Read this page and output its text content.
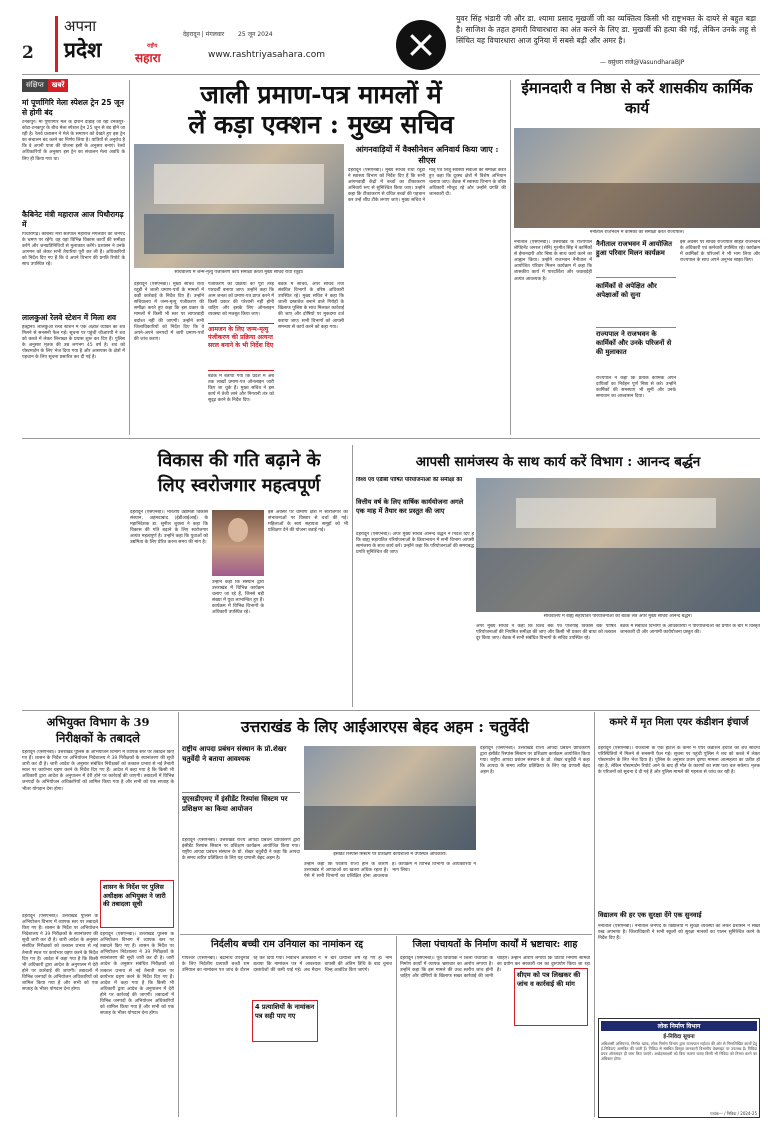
2
अपना
प्रदेश
देहरादून | मंगलवार 25 जून 2024
राष्ट्रीय
सहारा	www.rashtriyasahara.com
युवर सिंह भंडारी जी और डा. श्यामा प्रसाद मुखर्जी जी का व्यक्तित्व किसी भी राष्ट्रभक्त के दायरे से बहुत बड़ा है। साजिश के तहत हमारी विचारधारा का अंत करने के लिए डा. मुखर्जी की हत्या की गई, लेकिन उनके लहू से सिंचित यह विचारधारा आज दुनिया में सबसे बड़ी और अमर है।
— वसुंधरा राजे@VasundharaBJP
संक्षिप्त	खबरें
मां पूर्णागिरि मेला स्पेशल ट्रेन 25 जून से होगी बंद
टनकपुर। मां पूर्णागिरि मेले के दौरान दौड़ाई जा रही टनकपुर-कोटा-टनकपुर के बीच मेला स्पेशल ट्रेन 25 जून से बंद होने जा रही है। रेलवे प्रशासन ने मेले के समापन को देखते हुए इस ट्रेन का संचालन बंद करने का निर्णय लिया है। यात्रियों से अनुरोध है कि वे अपनी यात्रा की योजना इसी के अनुसार बनाएं। रेलवे अधिकारियों के अनुसार इस ट्रेन का संचालन मेला अवधि के लिए ही किया गया था।
कैबिनेट मंत्री महाराज आज पिथौरागढ़ में
पिथौरागढ़। कैबिनेट मंत्री सतपाल महाराज मंगलवार को जनपद के भ्रमण पर रहेंगे। वह यहां विभिन्न विकास कार्यों की समीक्षा करेंगे और जनप्रतिनिधियों से मुलाकात करेंगे। प्रशासन ने उनके आगमन को लेकर सभी तैयारियां पूरी कर ली हैं। अधिकारियों को निर्देश दिए गए हैं कि वे अपने विभाग की प्रगति रिपोर्ट के साथ उपस्थित रहें।
लालकुआं रेलवे स्टेशन में मिला शव
हल्द्वानी। लालकुआं रेलवे स्टेशन में एक अज्ञात व्यक्ति का शव मिलने से सनसनी फैल गई। सूचना पर पहुंची जीआरपी ने शव को कब्जे में लेकर शिनाख्त के प्रयास शुरू कर दिए हैं। पुलिस के अनुसार मृतक की उम्र लगभग 45 वर्ष है। शव को पोस्टमार्टम के लिए भेज दिया गया है और आसपास के क्षेत्रों में पहचान के लिए सूचना प्रसारित कर दी गई है।
जाली प्रमाण-पत्र मामलों में
लें कड़ा एक्शन : मुख्य सचिव
सचिवालय में जन्म-मृत्यु पंजीकरण कार्य समीक्षा करती मुख्य सचिव राधा रतूड़ी।
देहरादून (एसएनबी)। मुख्य सचिव राधा रतूड़ी ने जाली प्रमाण-पत्रों के मामलों में कड़ी कार्रवाई के निर्देश दिए हैं। उन्होंने सचिवालय में जन्म-मृत्यु पंजीकरण की समीक्षा करते हुए कहा कि इस प्रकार के मामलों में किसी भी स्तर पर लापरवाही बर्दाश्त नहीं की जाएगी। उन्होंने सभी जिलाधिकारियों को निर्देश दिए कि वे अपने-अपने जनपदों में जारी प्रमाण-पत्रों की जांच कराएं।
पंजीकरण की प्रक्रिया को पूरी तरह पारदर्शी बनाया जाए। उन्होंने कहा कि आम जनता को प्रमाण-पत्र प्राप्त करने में किसी प्रकार की परेशानी नहीं होनी चाहिए और इसके लिए ऑनलाइन व्यवस्था को मजबूत किया जाए।
आमजन के लिए जन्म-मृत्यु पंजीकरण की प्रक्रिया अत्यन्त सरल बनाने के भी निर्देश दिए
बैठक में बताया गया कि प्रदेश में अब तक लाखों प्रमाण-पत्र ऑनलाइन जारी किए जा चुके हैं। मुख्य सचिव ने इस कार्य में तेजी लाने और निगरानी तंत्र को सुदृढ़ करने के निर्देश दिए।
बैठक में सचिव, अपर सचिव तथा संबंधित विभागों के वरिष्ठ अधिकारी उपस्थित रहे। मुख्य सचिव ने कहा कि जाली दस्तावेज बनाने वाले गिरोहों के खिलाफ पुलिस के साथ मिलकर कार्रवाई की जाए और दोषियों पर मुकदमा दर्ज कराया जाए। सभी विभागों को आपसी समन्वय से कार्य करने को कहा गया।
आंगनवाड़ियों में वैक्सीनेशन अनिवार्य किया जाए : सीएस
देहरादून (एसएनबी)। मुख्य सचिव राधा रतूड़ी ने स्वास्थ्य विभाग को निर्देश दिए हैं कि सभी आंगनवाड़ी केंद्रों में बच्चों का टीकाकरण अनिवार्य रूप से सुनिश्चित किया जाए। उन्होंने कहा कि टीकाकरण से वंचित बच्चों की पहचान कर उन्हें शीघ्र टीके लगाए जाएं। मुख्य सचिव ने मातृ एवं शिशु स्वास्थ्य सेवाओं की समीक्षा करते हुए कहा कि दूरस्थ क्षेत्रों में विशेष अभियान चलाया जाए। बैठक में स्वास्थ्य विभाग के वरिष्ठ अधिकारी मौजूद रहे और उन्होंने प्रगति की जानकारी दी।
ईमानदारी व निष्ठा से करें शासकीय कार्मिक कार्य
नैनीताल राजभवन में कर्मिकों की समीक्षा करते राज्यपाल।
नैनीताल (एसएनबी)। उत्तराखंड के राज्यपाल लेफ्टिनेंट जनरल (सेनि) गुरमीत सिंह ने कार्मिकों से ईमानदारी और निष्ठा के साथ कार्य करने का आह्वान किया। उन्होंने राजभवन नैनीताल में आयोजित परिवार मिलन कार्यक्रम में कहा कि शासकीय कार्य में पारदर्शिता और जवाबदेही अत्यंत आवश्यक है।
नैनीताल राजभवन में आयोजित हुआ परिवार मिलन कार्यक्रम
कार्मिकों से अपेक्षित और अपेक्षाओं को सुना
राज्यपाल ने राजभवन के कार्मिकों और उनके परिजनों से की मुलाकात
राज्यपाल ने कहा कि प्रत्येक कार्मिक अपने दायित्वों का निर्वहन पूर्ण निष्ठा से करे। उन्होंने कार्मिकों की समस्याएं भी सुनीं और उनके समाधान का आश्वासन दिया।
इस अवसर पर सचिव राज्यपाल सहित राजभवन के अधिकारी एवं कर्मचारी उपस्थित रहे। कार्यक्रम में कार्मिकों के परिजनों ने भी भाग लिया और राज्यपाल के साथ अपने अनुभव साझा किए।
विकास की गति बढ़ाने के
लिए स्वरोजगार महत्वपूर्ण
देहरादून (एसएनबी)। भारतीय उद्यमिता विकास संस्थान, अहमदाबाद (ईडीआईआई) के महानिदेशक डा. सुनील शुक्ला ने कहा कि विकास की गति बढ़ाने के लिए स्वरोजगार अत्यंत महत्वपूर्ण है। उन्होंने कहा कि युवाओं को उद्यमिता के लिए प्रेरित करना समय की मांग है।
उन्होंने कहा कि संस्थान द्वारा उत्तराखंड में विभिन्न कार्यक्रम चलाए जा रहे हैं, जिनसे बड़ी संख्या में युवा लाभान्वित हुए हैं। कार्यक्रम में विभिन्न विभागों के अधिकारी उपस्थित रहे।
इस अवसर पर ग्रामीण क्षेत्रों में स्वरोजगार की संभावनाओं पर विस्तार से चर्चा की गई। महिलाओं के स्वयं सहायता समूहों को भी प्रशिक्षण देने की योजना बताई गई।
आपसी सामंजस्य के साथ कार्य करें विभाग : आनन्द बर्द्धन
विश्व एवं एडीबी पोषित परियोजनाओं की समीक्षा की
वित्तीय वर्ष के लिए वार्षिक कार्ययोजना अगले एक माह में तैयार कर प्रस्तुत की जाए
सचिवालय में बाह्य सहायतित परियोजनाओं की बैठक लेते अपर मुख्य सचिव आनन्द बर्द्धन।
देहरादून (एसएनबी)। अपर मुख्य सचिव आनन्द बर्द्धन ने निर्देश दिए हैं कि बाह्य सहायतित परियोजनाओं के क्रियान्वयन में सभी विभाग आपसी सामंजस्य के साथ कार्य करें। उन्होंने कहा कि परियोजनाओं की समयबद्ध प्रगति सुनिश्चित की जाए।
अपर मुख्य सचिव ने कहा कि विश्व बैंक एवं एशियाई विकास बैंक पोषित परियोजनाओं की नियमित समीक्षा की जाए और किसी भी प्रकार की बाधा को तत्काल दूर किया जाए। बैठक में सभी संबंधित विभागों के सचिव उपस्थित रहे।
बैठक में संबंधित विभागों के अधिकारियों ने परियोजनाओं की प्रगति के बारे में विस्तृत जानकारी दी और आगामी कार्ययोजना प्रस्तुत की।
अभियुक्त विभाग के 39
निरीक्षकों के तबादले
देहरादून (एसएनबी)। उत्तराखंड पुलिस के अभियोजन विभाग में व्यापक स्तर पर तबादले किए गए हैं। शासन के निर्देश पर अभियोजन निदेशालय ने 39 निरीक्षकों के स्थानांतरण की सूची जारी कर दी है। जारी आदेश के अनुसार संबंधित निरीक्षकों को तत्काल प्रभाव से नई तैनाती स्थल पर कार्यभार ग्रहण करने के निर्देश दिए गए हैं। आदेश में कहा गया है कि किसी भी अधिकारी द्वारा आदेश के अनुपालन में देरी होने पर कार्रवाई की जाएगी। तबादलों में विभिन्न जनपदों के अभियोजन अधिकारियों को शामिल किया गया है और सभी को एक सप्ताह के भीतर योगदान देना होगा।
शासन के निर्देश पर पुलिस अधीक्षक अभियुक्त ने जारी की तबादला सूची
देहरादून (एसएनबी)। उत्तराखंड पुलिस के अभियोजन विभाग में व्यापक स्तर पर तबादले किए गए हैं। शासन के निर्देश पर अभियोजन निदेशालय ने 39 निरीक्षकों के स्थानांतरण की सूची जारी कर दी है। जारी आदेश के अनुसार संबंधित निरीक्षकों को तत्काल प्रभाव से नई तैनाती स्थल पर कार्यभार ग्रहण करने के निर्देश दिए गए हैं। आदेश में कहा गया है कि किसी भी अधिकारी द्वारा आदेश के अनुपालन में देरी होने पर कार्रवाई की जाएगी। तबादलों में विभिन्न जनपदों के अभियोजन अधिकारियों को शामिल किया गया है और सभी को एक सप्ताह के भीतर योगदान देना होगा।
देहरादून (एसएनबी)। उत्तराखंड पुलिस के अभियोजन विभाग में व्यापक स्तर पर तबादले किए गए हैं। शासन के निर्देश पर अभियोजन निदेशालय ने 39 निरीक्षकों के स्थानांतरण की सूची जारी कर दी है। जारी आदेश के अनुसार संबंधित निरीक्षकों को तत्काल प्रभाव से नई तैनाती स्थल पर कार्यभार ग्रहण करने के निर्देश दिए गए हैं। आदेश में कहा गया है कि किसी भी अधिकारी द्वारा आदेश के अनुपालन में देरी होने पर कार्रवाई की जाएगी। तबादलों में विभिन्न जनपदों के अभियोजन अधिकारियों को शामिल किया गया है और सभी को एक सप्ताह के भीतर योगदान देना होगा।
उत्तराखंड के लिए आईआरएस बेहद अहम : चतुर्वेदी
राष्ट्रीय आपदा प्रबंधन संस्थान के प्रो.शेखर चतुर्वेदी ने बताया आवश्यक
यूएसडीएमए में इंसीडेंट रिस्पांस सिस्टम पर प्रशिक्षण का किया आयोजन
देहरादून (एसएनबी)। उत्तराखंड राज्य आपदा प्रबंधन प्राधिकरण द्वारा इंसीडेंट रिस्पांस सिस्टम पर प्रशिक्षण कार्यक्रम आयोजित किया गया। राष्ट्रीय आपदा प्रबंधन संस्थान के प्रो. शेखर चतुर्वेदी ने कहा कि आपदा के समय त्वरित प्रतिक्रिया के लिए यह प्रणाली बेहद अहम है।
इंसीडेंट रिस्पांस सिस्टम पर प्रशिक्षण कार्यशाला में उपस्थित अधिकारी।
उन्होंने कहा कि पर्वतीय राज्य होने के कारण उत्तराखंड में आपदाओं का खतरा अधिक रहता है। ऐसे में सभी विभागों का प्रशिक्षित होना आवश्यक है। कार्यक्रम में विभिन्न विभागों के अधिकारियों ने भाग लिया।
देहरादून (एसएनबी)। उत्तराखंड राज्य आपदा प्रबंधन प्राधिकरण द्वारा इंसीडेंट रिस्पांस सिस्टम पर प्रशिक्षण कार्यक्रम आयोजित किया गया। राष्ट्रीय आपदा प्रबंधन संस्थान के प्रो. शेखर चतुर्वेदी ने कहा कि आपदा के समय त्वरित प्रतिक्रिया के लिए यह प्रणाली बेहद अहम है।
कमरे में मृत मिला एयर कंडीशन इंचार्ज
देहरादून (एसएनबी)। राजधानी के एक होटल के कमरे में एयर कंडीशन इंचार्ज का शव संदिग्ध परिस्थितियों में मिलने से सनसनी फैल गई। सूचना पर पहुंची पुलिस ने शव को कब्जे में लेकर पोस्टमार्टम के लिए भेज दिया है। पुलिस के अनुसार प्रथम दृष्टया मामला आत्महत्या का प्रतीत हो रहा है, लेकिन पोस्टमार्टम रिपोर्ट आने के बाद ही मौत के कारणों का स्पष्ट पता चल सकेगा। मृतक के परिजनों को सूचना दे दी गई है और पुलिस मामले की गहनता से जांच कर रही है।
विद्यालय की हर एक सुरक्षा देंगे एक सुनवाई
नैनीताल (एसएनबी)। नैनीताल जनपद के विद्यालयों में सुरक्षा व्यवस्था को लेकर प्रशासन ने सख्त रुख अपनाया है। जिलाधिकारी ने सभी स्कूलों को सुरक्षा मानकों का पालन सुनिश्चित करने के निर्देश दिए हैं।
निर्दलीय बच्ची राम उनियाल का नामांकन रद्द
गोपेश्वर (एसएनबी)। बद्रीनाथ उपचुनाव के लिए निर्दलीय प्रत्याशी बच्ची राम उनियाल का नामांकन पत्र जांच के दौरान रद्द कर दिया गया। निर्वाचन अधिकारी ने बताया कि नामांकन पत्र में आवश्यक दस्तावेजों की कमी पाई गई। अब मैदान में चार प्रत्याशी शेष रह गए हैं। नाम वापसी की अंतिम तिथि के बाद चुनाव चिन्ह आवंटित किए जाएंगे।
4 प्रत्याशियों के नामांकन पत्र सही पाए गए
जिला पंचायतों के निर्माण कार्यों में भ्रष्टाचार: शाह
देहरादून (एसएनबी)। पूर्व विधायक ने जिला पंचायतों के निर्माण कार्यों में व्यापक भ्रष्टाचार का आरोप लगाया है। उन्होंने कहा कि इस मामले की उच्च स्तरीय जांच होनी चाहिए और दोषियों के खिलाफ सख्त कार्रवाई की जानी चाहिए। उन्होंने आरोप लगाया कि घटिया निर्माण सामग्री का प्रयोग कर सरकारी धन का दुरुपयोग किया जा रहा है।
सीएम को पत्र लिखकर की जांच व कार्रवाई की मांग
लोक निर्माण विभाग
ई-निविदा सूचना
अधिशासी अभियन्ता, निर्माण खण्ड, लोक निर्माण विभाग द्वारा राज्यपाल महोदय की ओर से निम्नलिखित कार्यों हेतु ई-निविदाएं आमंत्रित की जाती हैं। निविदा से संबंधित विस्तृत जानकारी विभागीय वेबसाइट पर उपलब्ध है। निविदा प्रपत्र ऑनलाइन ही जमा किए जाएंगे। अधोहस्ताक्षरी को बिना कारण बताए किसी भी निविदा को निरस्त करने का अधिकार होगा।
पत्रांक— / निविदा / 2024-25
